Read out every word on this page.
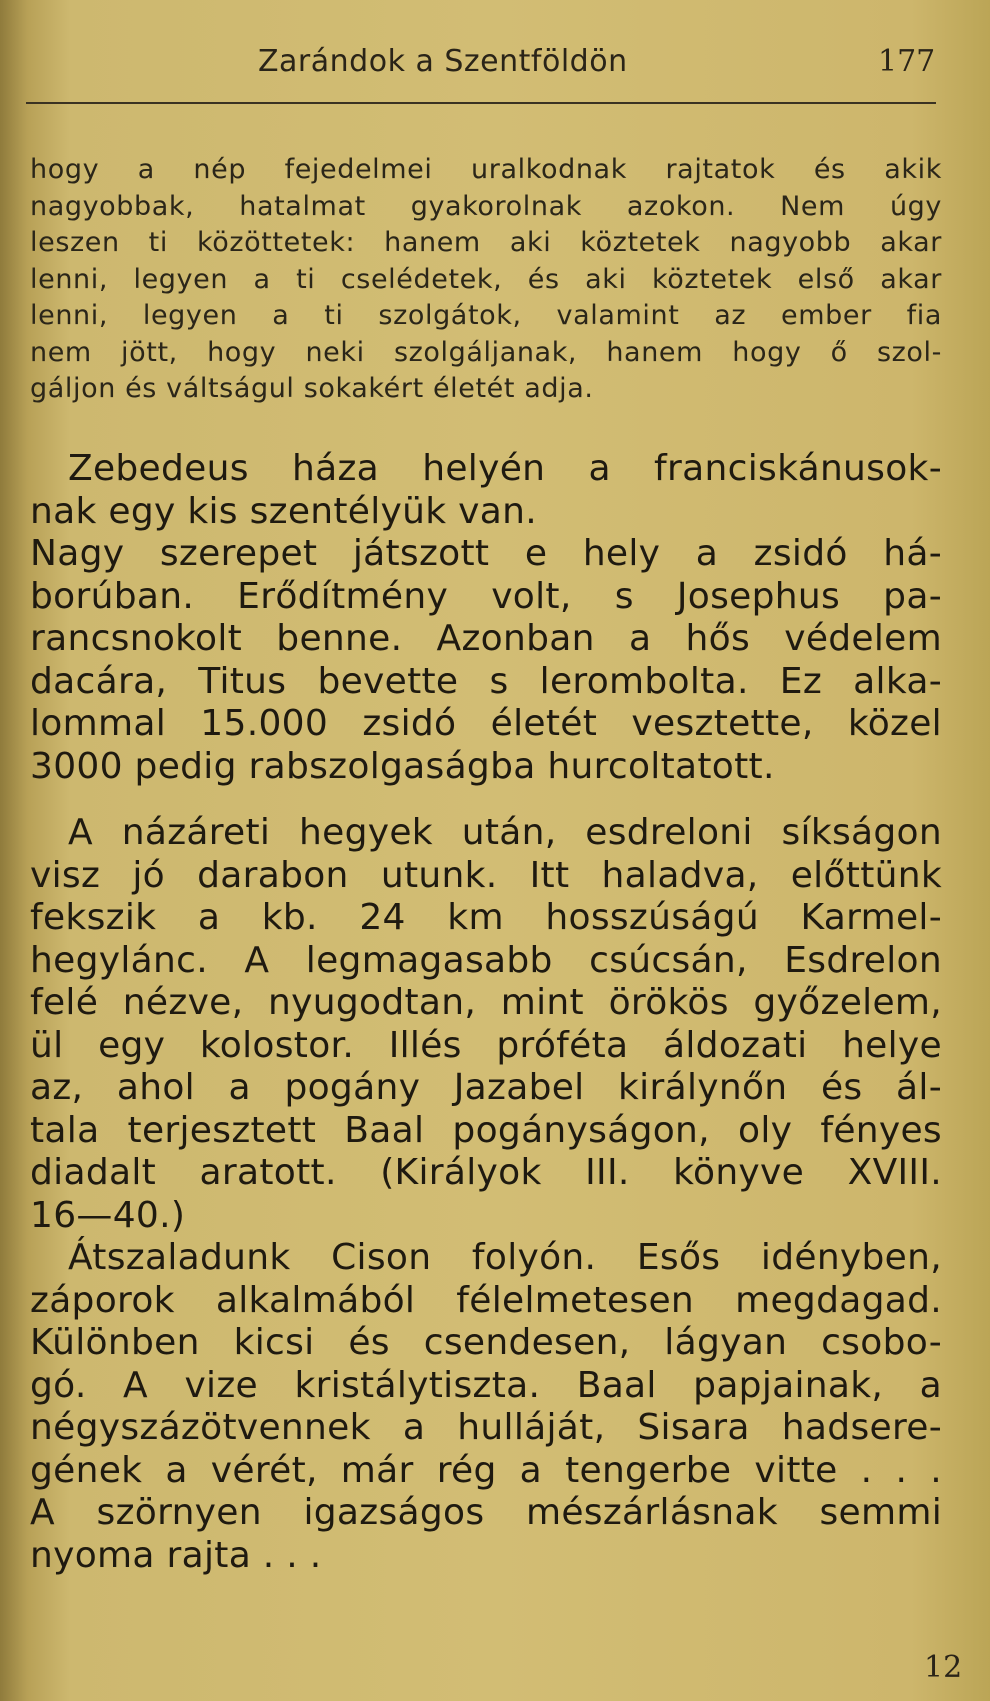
Zarándok a Szentföldön	177
hogy a nép fejedelmei uralkodnak rajtatok és akik
nagyobbak, hatalmat gyakorolnak azokon. Nem úgy
leszen ti közöttetek: hanem aki köztetek nagyobb akar
lenni, legyen a ti cselédetek, és aki köztetek első akar
lenni, legyen a ti szolgátok, valamint az ember fia
nem jött, hogy neki szolgáljanak, hanem hogy ő szol-
gáljon és váltságul sokakért életét adja.
Zebedeus háza helyén a franciskánusok-
nak egy kis szentélyük van.
Nagy szerepet játszott e hely a zsidó há-
borúban. Erődítmény volt, s Josephus pa-
rancsnokolt benne. Azonban a hős védelem
dacára, Titus bevette s lerombolta. Ez alka-
lommal 15.000 zsidó életét vesztette, közel
3000 pedig rabszolgaságba hurcoltatott.
A názáreti hegyek után, esdreloni síkságon
visz jó darabon utunk. Itt haladva, előttünk
fekszik a kb. 24 km hosszúságú Karmel-
hegylánc. A legmagasabb csúcsán, Esdrelon
felé nézve, nyugodtan, mint örökös győzelem,
ül egy kolostor. Illés próféta áldozati helye
az, ahol a pogány Jazabel királynőn és ál-
tala terjesztett Baal pogányságon, oly fényes
diadalt aratott. (Királyok III. könyve XVIII.
16—40.)
Átszaladunk Cison folyón. Esős idényben,
záporok alkalmából félelmetesen megdagad.
Különben kicsi és csendesen, lágyan csobo-
gó. A vize kristálytiszta. Baal papjainak, a
négyszázötvennek a hulláját, Sisara hadsere-
gének a vérét, már rég a tengerbe vitte . . .
A szörnyen igazságos mészárlásnak semmi
nyoma rajta . . .
12
